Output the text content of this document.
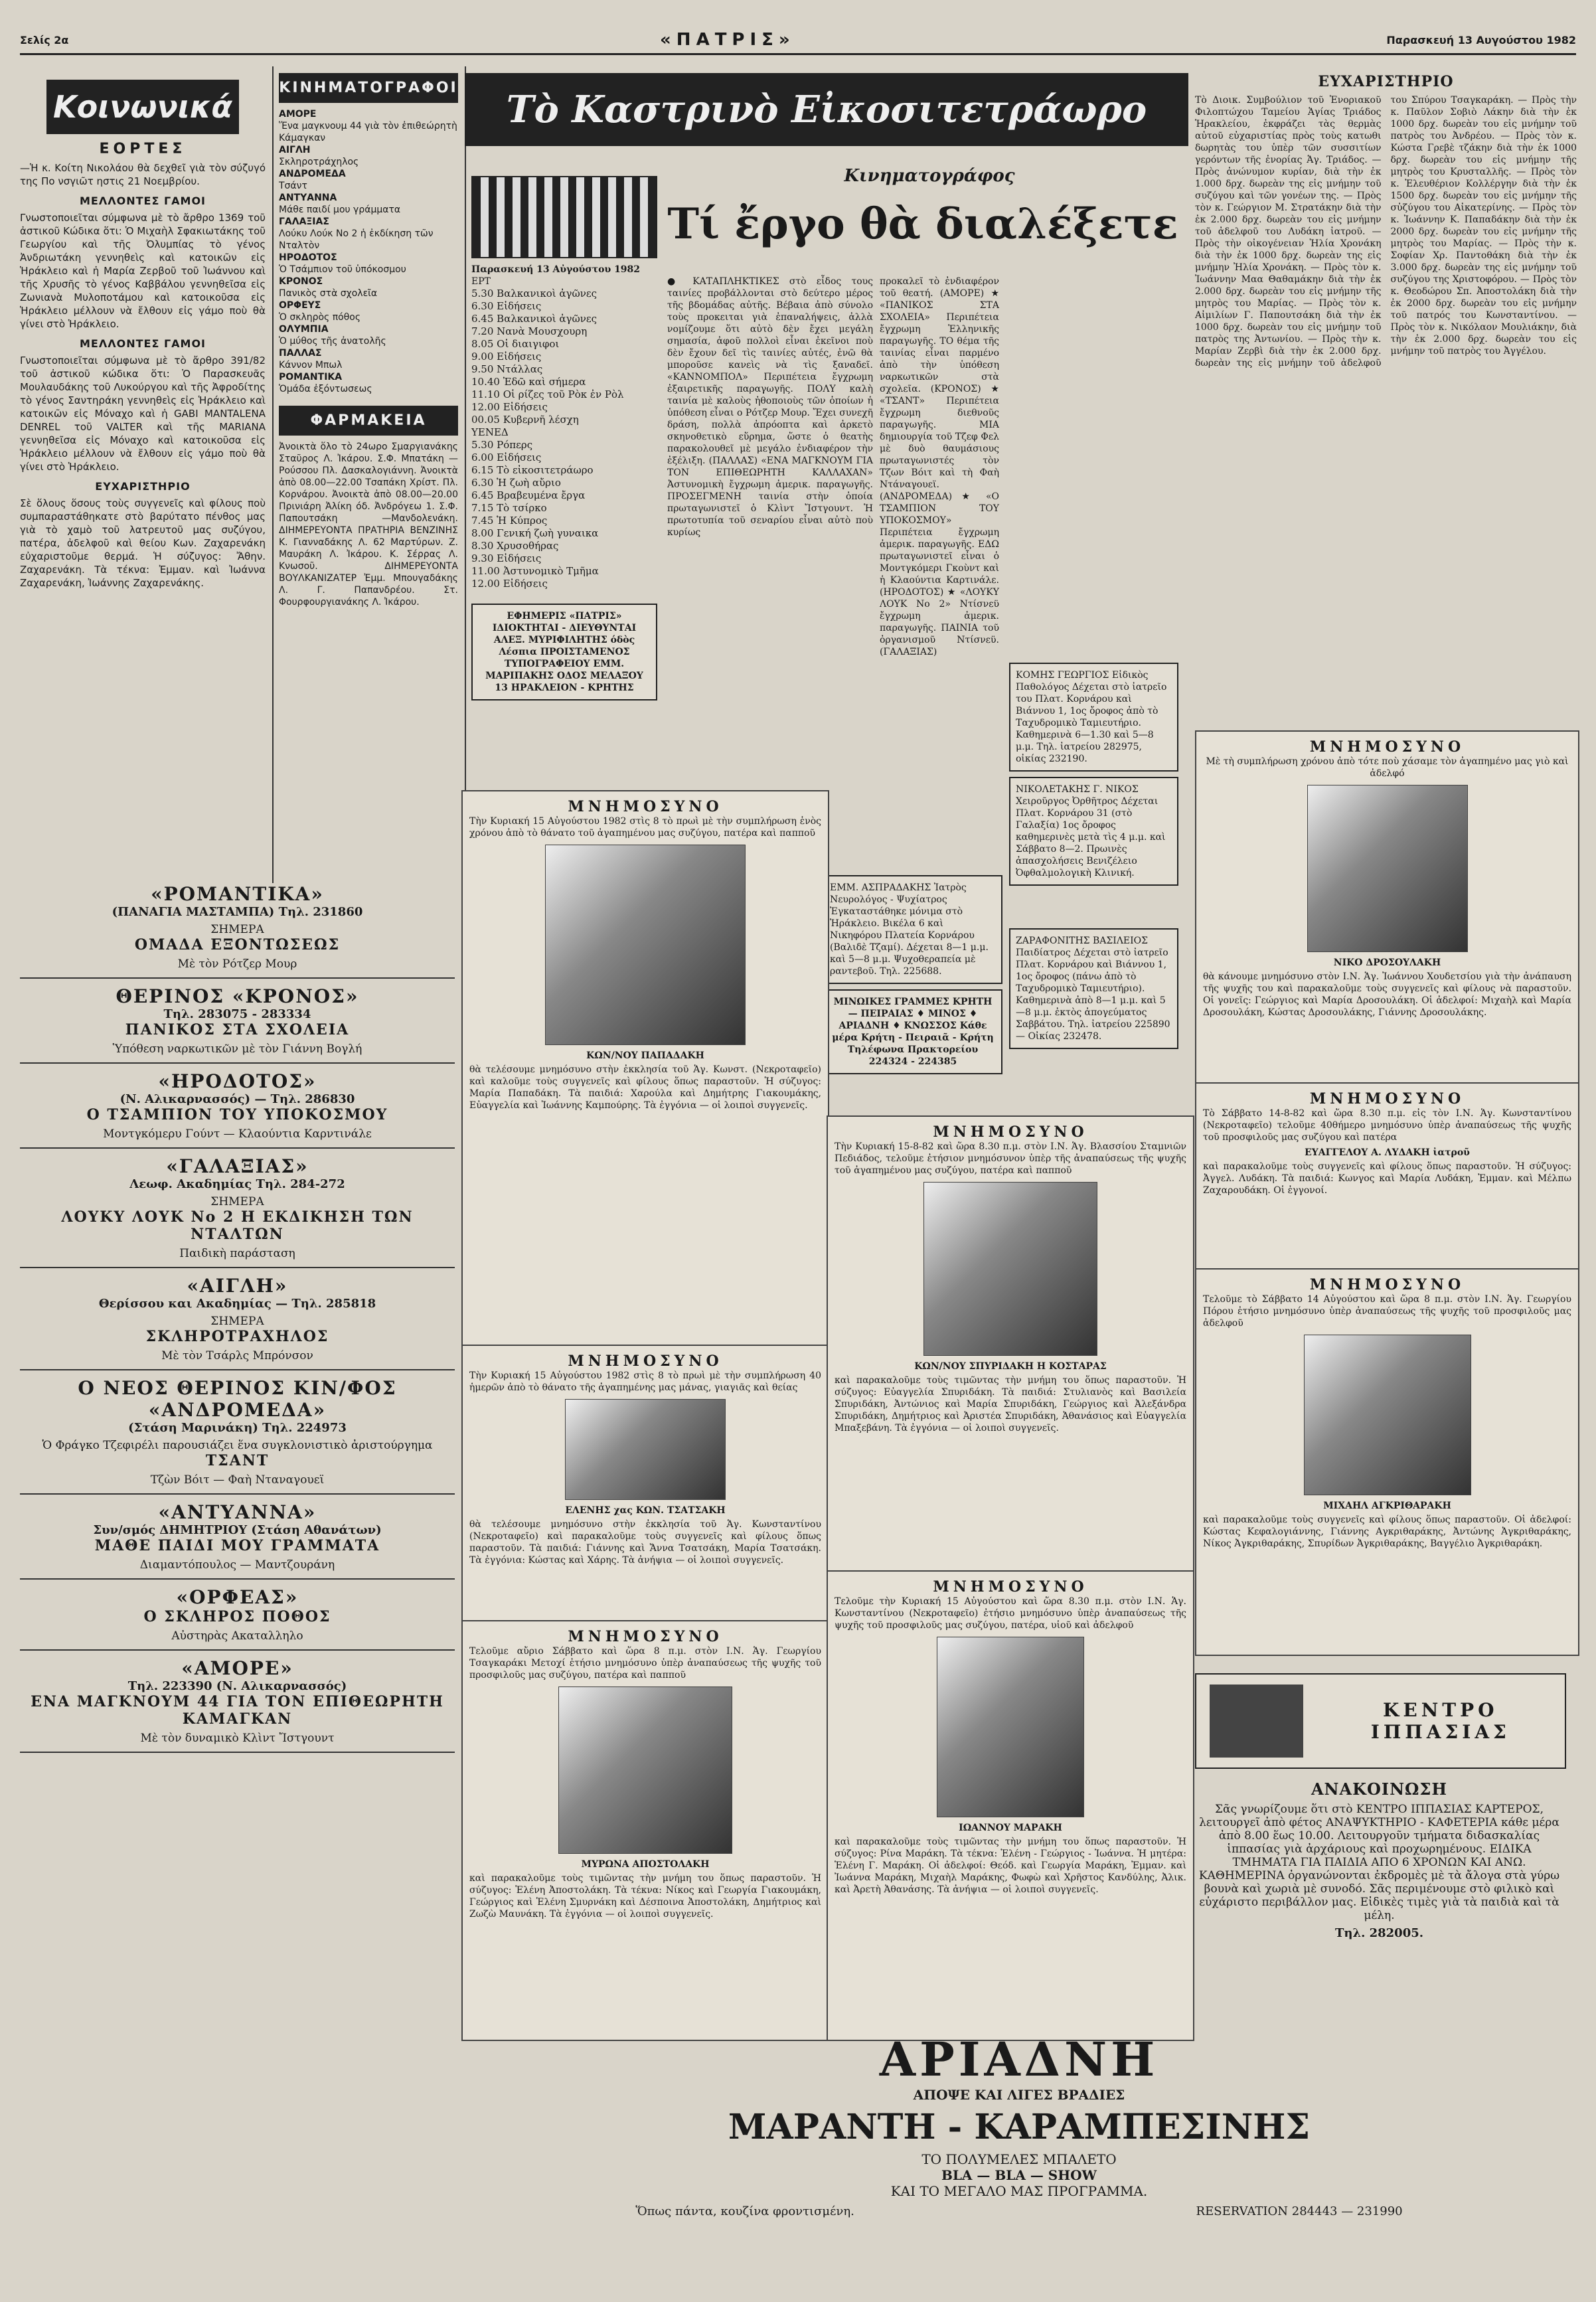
Σελίς 2α	«ΠΑΤΡΙΣ»	Παρασκευή 13 Αυγούστου 1982
Κοινωνικά
ΕΟΡΤΕΣ

—Ἡ κ. Κοίτη Νικολάου θὰ δεχθεῖ γιὰ τὸν σύζυγό της Πο νσγιῶτ ηστις 21 Νοεμβρίου.

ΜΕΛΛΟΝΤΕΣ ΓΑΜΟΙ

Γνωστοποιεῖται σύμφωνα μὲ τὸ ἄρθρο 1369 τοῦ ἀστικοῦ Κώδικα ὅτι: Ὁ Μιχαὴλ Σφακιωτάκης τοῦ Γεωργίου καὶ τῆς Ὀλυμπίας τὸ γένος Ἀνδριωτάκη γεννηθεὶς καὶ κατοικῶν εἰς Ἡράκλειο καὶ ἡ Μαρία Ζερβοῦ τοῦ Ἰωάννου καὶ τῆς Χρυσῆς τὸ γένος Καββάλου γεννηθεῖσα εἰς Ζωνιανὰ Μυλοποτάμου καὶ κατοικοῦσα εἰς Ἡράκλειο μέλλουν νὰ ἔλθουν εἰς γάμο ποὺ θὰ γίνει στὸ Ἡράκλειο.

ΜΕΛΛΟΝΤΕΣ ΓΑΜΟΙ

Γνωστοποιεῖται σύμφωνα μὲ τὸ ἄρθρο 391/82 τοῦ ἀστικοῦ κώδικα ὅτι: Ὁ Παρασκευᾶς Μουλαυδάκης τοῦ Λυκούργου καὶ τῆς Ἀφροδίτης τὸ γένος Σαντηράκη γεννηθεὶς εἰς Ἡράκλειο καὶ κατοικῶν εἰς Μόναχο καὶ ἡ GABI MANTALENA DENREL τοῦ VALTER καὶ τῆς MARIANA γεννηθεῖσα εἰς Μόναχο καὶ κατοικοῦσα εἰς Ἡράκλειο μέλλουν νὰ ἔλθουν εἰς γάμο ποὺ θὰ γίνει στὸ Ἡράκλειο.

ΕΥΧΑΡΙΣΤΗΡΙΟ

Σὲ ὅλους ὅσους τοὺς συγγενεῖς καὶ φίλους ποὺ συμπαραστάθηκατε στὸ βαρύτατο πένθος μας γιὰ τὸ χαμὸ τοῦ λατρευτοῦ μας συζύγου, πατέρα, ἀδελφοῦ καὶ θείου Κων. Ζαχαρενάκη εὐχαριστοῦμε θερμά. Ἡ σύζυγος: Ἄθην. Ζαχαρενάκη. Τὰ τέκνα: Ἐμμαν. καὶ Ἰωάννα Ζαχαρενάκη, Ἰωάννης Ζαχαρενάκης.

ΚΙΝΗΜΑΤΟΓΡΑΦΟΙ
ΑΜΟΡΕ
Ἕνα μαγκνουμ 44 γιὰ τὸν ἐπιθεώρητὴ Κάμαγκαν
ΑΙΓΛΗ
Σκληροτράχηλος
ΑΝΔΡΟΜΕΔΑ
Τσάντ
ΑΝΤΥΑΝΝΑ
Μάθε παιδί μου γράμματα
ΓΑΛΑΞΙΑΣ
Λούκυ Λούκ Νο 2 ἡ ἐκδίκηση τῶν Νταλτὸν
ΗΡΟΔΟΤΟΣ
Ὁ Τσάμπιον τοῦ ὑπόκοσμου
ΚΡΟΝΟΣ
Πανικὸς στὰ σχολεῖα
ΟΡΦΕΥΣ
Ὁ σκληρὸς πόθος
ΟΛΥΜΠΙΑ
Ὁ μύθος τῆς ἀνατολῆς
ΠΑΛΛΑΣ
Κάννον Μπωλ
ΡΟΜΑΝΤΙΚΑ
Ὁμάδα ἐξόντωσεως
ΦΑΡΜΑΚΕΙΑ

Ἀνοικτὰ ὅλο τὸ 24ωρο Σμαργιανάκης Σταῦρος Λ. Ἰκάρου. Σ.Φ. Μπατάκη —Ρούσσου Πλ. Δασκαλογιάννη. Ἀνοικτὰ ἀπὸ 08.00—22.00 Τσαπάκη Χρίστ. Πλ. Κορνάρου. Ἀνοικτὰ ἀπὸ 08.00—20.00 Πρινιάρη Ἀλίκη όδ. Ἀνδρόγεω 1. Σ.Φ. Παπουτσάκη —Μανδολενάκη. ΔΙΗΜΕΡΕΥΟΝΤΑ ΠΡΑΤΗΡΙΑ ΒΕΝΖΙΝΗΣ Κ. Γιανναδάκης Λ. 62 Μαρτύρων. Ζ. Μαυράκη Λ. Ἰκάρου. Κ. Σέρρας Λ. Κνωσοῦ. ΔΙΗΜΕΡΕΥΟΝΤΑ ΒΟΥΛΚΑΝΙΖΑΤΕΡ Ἐμμ. Μπουγαδάκης Λ. Γ. Παπανδρέου. Στ. Φουρφουργιανάκης Λ. Ἰκάρου.

Τὸ Καστρινὸ Εἰκοσιτετράωρο
Κινηματογράφος
Τί ἔργο θὰ διαλέξετε
Παρασκευή 13 Αὐγούστου 1982
ΕΡΤ
5.30 Βαλκανικοὶ ἀγῶνες
6.30 Εἰδήσεις
6.45 Βαλκανικοὶ ἀγῶνες
7.20 Νανὰ Μουσχουρη
8.05 Οἱ διαιγιφοι
9.00 Εἰδήσεις
9.50 Ντάλλας
10.40 Ἐδῶ καὶ σήμερα
11.10 Οἱ ρίζες τοῦ Ρὸκ ἐν Ρὸλ
12.00 Εἰδήσεις
00.05 Κυβερνῆ λέσχη
ΥΕΝΕΔ
5.30 Ρόπερς
6.00 Εἰδήσεις
6.15 Τὸ εἰκοσιτετράωρο
6.30 Ἡ ζωὴ αὔριο
6.45 Βραβευμένα ἔργα
7.15 Τὸ τσίρκο
7.45 Ἡ Κύπρος
8.00 Γενική ζωὴ γυναικα
8.30 Χρυσοθήρας
9.30 Εἰδήσεις
11.00 Ἀστυνομικὸ Τμῆμα
12.00 Εἰδήσεις
ΕΦΗΜΕΡΙΣ «ΠΑΤΡΙΣ» ΙΔΙΟΚΤΗΤΑΙ - ΔΙΕΥΘΥΝΤΑΙ ΑΛΕΞ. ΜΥΡΙΦΙΛΗΤΗΣ όδὸς Λέσπια ΠΡΟΙΣΤΑΜΕΝΟΣ ΤΥΠΟΓΡΑΦΕΙΟΥ ΕΜΜ. ΜΑΡΙΠΑΚΗΣ ΟΔΟΣ ΜΕΛΑΞΟΥ 13 ΗΡΑΚΛΕΙΟΝ - ΚΡΗΤΗΣ

● ΚΑΤΑΠΛΗΚΤΙΚΕΣ στὸ εἶδος τους ταινίες προβάλλονται στὸ δεύτερο μέρος τῆς βδομάδας αὐτῆς. Βέβαια ἀπὸ σύνολο τοὺς προκειται γιὰ ἐπαναλήψεις, ἀλλὰ νομίζουμε ὅτι αὐτὸ δὲν ἔχει μεγάλη σημασία, ἀφοῦ πολλοὶ εἶναι ἐκεῖνοι ποὺ δὲν ἔχουν δεῖ τὶς ταινίες αὐτές, ἐνῶ θὰ μποροῦσε κανεὶς νὰ τὶς ξαναδεῖ. «ΚΑΝΝΟΜΠΟΛ» Περιπέτεια ἔγχρωμη ἐξαιρετικῆς παραγωγῆς. ΠΟΛΥ καλὴ ταινία μὲ καλοὺς ἠθοποιοὺς τῶν ὁποίων ἡ ὑπόθεση εἶναι ο Ρότζερ Μουρ. Ἔχει συνεχῆ δράση, πολλὰ ἀπρόοπτα καὶ ἀρκετὸ σκηνοθετικὸ εὕρημα, ὥστε ὁ θεατὴς παρακολουθεῖ μὲ μεγάλο ἐνδιαφέρον τὴν ἐξέλιξη. (ΠΑΛΛΑΣ) «ΕΝΑ ΜΑΓΚΝΟΥΜ ΓΙΑ ΤΟΝ ΕΠΙΘΕΩΡΗΤΗ ΚΑΛΛΑΧΑΝ» Ἀστυνομικὴ ἔγχρωμη ἀμερικ. παραγωγῆς. ΠΡΟΣΕΓΜΕΝΗ ταινία στὴν ὁποία πρωταγωνιστεῖ ὁ Κλὶντ Ἴστγουντ. Ἡ πρωτοτυπία τοῦ σεναρίου εἶναι αὐτὸ ποὺ κυρίως

προκαλεῖ τὸ ἐνδιαφέρον τοῦ θεατή. (ΑΜΟΡΕ) ★ «ΠΑΝΙΚΟΣ ΣΤΑ ΣΧΟΛΕΙΑ» Περιπέτεια ἔγχρωμη Ἑλληνικῆς παραγωγῆς. ΤΟ θέμα τῆς ταινίας εἶναι παρμένο ἀπὸ τὴν ὑπόθεση ναρκωτικῶν στὰ σχολεῖα. (ΚΡΟΝΟΣ) ★ «ΤΣΑΝΤ» Περιπέτεια ἔγχρωμη διεθνοῦς παραγωγῆς. ΜΙΑ δημιουργία τοῦ Τζεφ Φελ μὲ δυὸ θαυμάσιους πρωταγωνιστές τὸν Τζων Βόιτ καὶ τὴ Φαὴ Ντάναγουεϊ. (ΑΝΔΡΟΜΕΔΑ) ★ «Ο ΤΣΑΜΠΙΟΝ ΤΟΥ ΥΠΟΚΟΣΜΟΥ» Περιπέτεια ἔγχρωμη ἀμερικ. παραγωγῆς. ΕΔΩ πρωταγωνιστεῖ εἶναι ὁ Μοντγκόμερι Γκοὺντ καὶ ἡ Κλαούντια Καρτινάλε. (ΗΡΟΔΟΤΟΣ) ★ «ΛΟΥΚΥ ΛΟΥΚ Νο 2» Ντίσνεϋ ἔγχρωμη ἀμερικ. παραγωγῆς. ΠΑΙΝΙΑ τοῦ ὀργανισμοῦ Ντίσνεϋ. (ΓΑΛΑΞΙΑΣ)

ΚΟΜΗΣ ΓΕΩΡΓΙΟΣ Εἰδικὸς Παθολόγος Δέχεται στὸ ἰατρεῖο του Πλατ. Κορνάρου καὶ Βιάννου 1, 1ος ὄροφος ἀπὸ τὸ Ταχυδρομικὸ Ταμιευτήριο. Καθημερινὰ 6—1.30 καὶ 5—8 μ.μ. Τηλ. ἰατρείου 282975, οἰκίας 232190.
ΝΙΚΟΛΕΤΑΚΗΣ Γ. ΝΙΚΟΣ Χειροῦργος Ὀρθῆτρος Δέχεται Πλατ. Κορνάρου 31 (στὸ Γαλαξία) 1ος ὄροφος καθημερινὲς μετὰ τὶς 4 μ.μ. καὶ Σάββατο 8—2. Πρωινὲς ἀπασχολήσεις Βενιζέλειο Ὀφθαλμολογικὴ Κλινική.
ΕΜΜ. ΑΣΠΡΑΔΑΚΗΣ Ἰατρὸς Νευρολόγος - Ψυχίατρος Ἐγκαταστάθηκε μόνιμα στὸ Ἡράκλειο. Βικέλα 6 καὶ Νικηφόρου Πλατεία Κορνάρου (Βαλιδὲ Τζαμί). Δέχεται 8—1 μ.μ. καὶ 5—8 μ.μ. Ψυχοθεραπεία μὲ ραντεβοῦ. Τηλ. 225688.
ΜΙΝΩΙΚΕΣ ΓΡΑΜΜΕΣ ΚΡΗΤΗ — ΠΕΙΡΑΙΑΣ ♦ ΜΙΝΟΣ ♦ ΑΡΙΑΔΝΗ ♦ ΚΝΩΣΣΟΣ Κάθε μέρα Κρήτη - Πειραιᾶ - Κρήτη Τηλέφωνα Πρακτορείου 224324 - 224385
ΖΑΡΑΦΟΝΙΤΗΣ ΒΑΣΙΛΕΙΟΣ Παιδίατρος Δέχεται στὸ ἰατρεῖο Πλατ. Κορνάρου καὶ Βιάννου 1, 1ος ὄροφος (πάνω ἀπὸ τὸ Ταχυδρομικὸ Ταμιευτήριο). Καθημερινὰ ἀπὸ 8—1 μ.μ. καὶ 5—8 μ.μ. ἐκτὸς ἀπογεύματος Σαββάτου. Τηλ. ἰατρείου 225890 — Οἰκίας 232478.
«ΡΟΜΑΝΤΙΚΑ»
(ΠΑΝΑΓΙΑ ΜΑΣΤΑΜΠΑ) Τηλ. 231860
ΣΗΜΕΡΑ
ΟΜΑΔΑ ΕΞΟΝΤΩΣΕΩΣ
Μὲ τὸν Ρότζερ Μουρ
ΘΕΡΙΝΟΣ «ΚΡΟΝΟΣ»
Τηλ. 283075 - 283334
ΠΑΝΙΚΟΣ ΣΤΑ ΣΧΟΛΕΙΑ
Ὑπόθεση ναρκωτικῶν μὲ τὸν Γιάννη Βογλή
«ΗΡΟΔΟΤΟΣ»
(Ν. Αλικαρνασσός) — Τηλ. 286830
Ο ΤΣΑΜΠΙΟΝ ΤΟΥ ΥΠΟΚΟΣΜΟΥ
Μοντγκόμερυ Γούντ — Κλαούντια Καρντινάλε
«ΓΑΛΑΞΙΑΣ»
Λεωφ. Ακαδημίας Τηλ. 284-272
ΣΗΜΕΡΑ
ΛΟΥΚΥ ΛΟΥΚ Νο 2 Η ΕΚΔΙΚΗΣΗ ΤΩΝ ΝΤΑΛΤΩΝ
Παιδικὴ παράσταση
«ΑΙΓΛΗ»
Θερίσσου και Ακαδημίας — Τηλ. 285818
ΣΗΜΕΡΑ
ΣΚΛΗΡΟΤΡΑΧΗΛΟΣ
Μὲ τὸν Τσάρλς Μπρόνσον
Ο ΝΕΟΣ ΘΕΡΙΝΟΣ ΚΙΝ/ΦΟΣ «ΑΝΔΡΟΜΕΔΑ»
(Στάση Μαρινάκη) Τηλ. 224973
Ὁ Φράγκο Τζεφιρέλι παρουσιάζει ἕνα συγκλονιστικὸ ἀριστούργημα
ΤΣΑΝΤ
Τζὼν Βόιτ — Φαὴ Νταναγουεϊ
«ΑΝΤΥΑΝΝΑ»
Συν/σμός ΔΗΜΗΤΡΙΟΥ (Στάση Αθανάτων)
ΜΑΘΕ ΠΑΙΔΙ ΜΟΥ ΓΡΑΜΜΑΤΑ
Διαμαντόπουλος — Μαντζουράνη
«ΟΡΦΕΑΣ»
Ο ΣΚΛΗΡΟΣ ΠΟΘΟΣ
Αὐστηρὰς Ακαταλληλο
«ΑΜΟΡΕ»
Τηλ. 223390 (Ν. Αλικαρνασσός)
ΕΝΑ ΜΑΓΚΝΟΥΜ 44 ΓΙΑ ΤΟΝ ΕΠΙΘΕΩΡΗΤΗ ΚΑΜΑΓΚΑΝ
Μὲ τὸν δυναμικὸ Κλὶντ Ἴστγουντ
ΜΝΗΜΟΣΥΝΟ

Τὴν Κυριακή 15 Αὐγούστου 1982 στὶς 8 τὸ πρωὶ μὲ τὴν συμπλήρωση ἑνὸς χρόνου ἀπὸ τὸ θάνατο τοῦ ἀγαπημένου μας συζύγου, πατέρα καὶ παπποῦ

ΚΩΝ/ΝΟΥ ΠΑΠΑΔΑΚΗ

θὰ τελέσουμε μνημόσυνο στὴν ἐκκλησία τοῦ Ἁγ. Κωνστ. (Νεκροταφεῖο) καὶ καλοῦμε τοὺς συγγενεῖς καὶ φίλους ὅπως παραστοῦν. Ἡ σύζυγος: Μαρία Παπαδάκη. Τὰ παιδιά: Χαρούλα καὶ Δημήτρης Γιακουμάκης, Εὐαγγελία καὶ Ἰωάννης Καμπούρης. Τὰ ἐγγόνια — οἱ λοιποὶ συγγενεῖς.

ΜΝΗΜΟΣΥΝΟ

Τὴν Κυριακή 15 Αὐγούστου 1982 στὶς 8 τὸ πρωὶ μὲ τὴν συμπλήρωση 40 ἡμερῶν ἀπὸ τὸ θάνατο τῆς ἀγαπημένης μας μάνας, γιαγιᾶς καὶ θείας

ΕΛΕΝΗΣ χας ΚΩΝ. ΤΣΑΤΣΑΚΗ

θὰ τελέσουμε μνημόσυνο στὴν ἐκκλησία τοῦ Ἁγ. Κωνσταντίνου (Νεκροταφεῖο) καὶ παρακαλοῦμε τοὺς συγγενεῖς καὶ φίλους ὅπως παραστοῦν. Τὰ παιδιά: Γιάννης καὶ Ἄννα Τσατσάκη, Μαρία Τσατσάκη. Τὰ ἐγγόνια: Κώστας καὶ Χάρης. Τὰ ἀνήψια — οἱ λοιποὶ συγγενεῖς.

ΜΝΗΜΟΣΥΝΟ

Τελοῦμε αὔριο Σάββατο καὶ ὥρα 8 π.μ. στὸν Ι.Ν. Ἁγ. Γεωργίου Τσαγκαράκι Μετοχί ἐτήσιο μνημόσυνο ὑπὲρ ἀναπαύσεως τῆς ψυχῆς τοῦ προσφιλοῦς μας συζύγου, πατέρα καὶ παπποῦ

ΜΥΡΩΝΑ ΑΠΟΣΤΟΛΑΚΗ

καὶ παρακαλοῦμε τοὺς τιμῶντας τὴν μνήμη του ὅπως παραστοῦν. Ἡ σύζυγος: Ἑλένη Ἀποστολάκη. Τὰ τέκνα: Νίκος καὶ Γεωργία Γιακουμάκη, Γεώργιος καὶ Ἑλένη Σμυρνάκη καὶ Δέσποινα Ἀποστολάκη, Δημήτριος καὶ Ζωζὼ Μαυνάκη. Τὰ ἐγγόνια — οἱ λοιποὶ συγγενεῖς.

ΜΝΗΜΟΣΥΝΟ

Τὴν Κυριακή 15-8-82 καὶ ὥρα 8.30 π.μ. στὸν Ι.Ν. Ἁγ. Βλασσίου Σταμνιῶν Πεδιάδος, τελοῦμε ἐτήσιον μνημόσυνον ὑπὲρ τῆς ἀναπαύσεως τῆς ψυχῆς τοῦ ἀγαπημένου μας συζύγου, πατέρα καὶ παπποῦ

ΚΩΝ/ΝΟΥ ΣΠΥΡΙΔΑΚΗ Η ΚΟΣΤΑΡΑΣ

καὶ παρακαλοῦμε τοὺς τιμῶντας τὴν μνήμη του ὅπως παραστοῦν. Ἡ σύζυγος: Εὐαγγελία Σπυριδάκη. Τὰ παιδιά: Στυλιανὸς καὶ Βασιλεία Σπυριδάκη, Ἀντώνιος καὶ Μαρία Σπυριδάκη, Γεώργιος καὶ Ἀλεξάνδρα Σπυριδάκη, Δημήτριος καὶ Ἀριστέα Σπυριδάκη, Ἀθανάσιος καὶ Εὐαγγελία Μπαξεβάνη. Τὰ ἐγγόνια — οἱ λοιποὶ συγγενεῖς.

ΜΝΗΜΟΣΥΝΟ

Τελοῦμε τὴν Κυριακή 15 Αὐγούστου καὶ ὥρα 8.30 π.μ. στὸν Ι.Ν. Ἁγ. Κωνσταντίνου (Νεκροταφεῖο) ἐτήσιο μνημόσυνο ὑπὲρ ἀναπαύσεως τῆς ψυχῆς τοῦ προσφιλοῦς μας συζύγου, πατέρα, υἱοῦ καὶ ἀδελφοῦ

ΙΩΑΝΝΟΥ ΜΑΡΑΚΗ

καὶ παρακαλοῦμε τοὺς τιμῶντας τὴν μνήμη του ὅπως παραστοῦν. Ἡ σύζυγος: Ρίνα Μαράκη. Τὰ τέκνα: Ἑλένη - Γεώργιος - Ἰωάννα. Ἡ μητέρα: Ἑλένη Γ. Μαράκη. Οἱ ἀδελφοί: Θεόδ. καὶ Γεωργία Μαράκη, Ἐμμαν. καὶ Ἰωάννα Μαράκη, Μιχαὴλ Μαράκης, Φωφὼ καὶ Χρῆστος Κανδύλης, Ἀλικ. καὶ Ἀρετὴ Ἀθανάσης. Τὰ ἀνήψια — οἱ λοιποὶ συγγενεῖς.

ΕΥΧΑΡΙΣΤΗΡΙΟ

Τὸ Διοικ. Συμβούλιον τοῦ Ἐνοριακοῦ Φιλοπτώχου Ταμείου Ἁγίας Τριάδος Ἡρακλείου, ἐκφράζει τὰς θερμὰς αὐτοῦ εὐχαριστίας πρὸς τοὺς κατωθι δωρητὰς του ὑπὲρ τῶν συσσιτίων γερόντων τῆς ἐνορίας Ἁγ. Τριάδος. — Πρὸς ἀνώνυμον κυρίαν, διὰ τὴν ἐκ 1.000 δρχ. δωρεὰν της εἰς μνήμην τοῦ συζύγου καὶ τῶν γονέων της. — Πρὸς τὸν κ. Γεώργιον Μ. Στρατάκην διὰ τὴν ἐκ 2.000 δρχ. δωρεὰν του εἰς μνήμην τοῦ ἀδελφοῦ του Λυδάκη ἰατροῦ. — Πρὸς τὴν οἰκογένειαν Ἠλία Χρονάκη διὰ τὴν ἐκ 1000 δρχ. δωρεὰν της εἰς μνήμην Ἠλία Χρονάκη. — Πρὸς τὸν κ. Ἰωάννην Μαα Θαθαμάκην διὰ τὴν ἐκ 2.000 δρχ. δωρεὰν του εἰς μνήμην τῆς μητρὸς του Μαρίας. — Πρὸς τὸν κ. Αἰμιλίων Γ. Παπουτσάκη διὰ τὴν ἐκ 1000 δρχ. δωρεὰν του εἰς μνήμην τοῦ πατρὸς της Ἀντωνίου. — Πρὸς τὴν κ. Μαρίαν Ζερβὶ διὰ τὴν ἐκ 2.000 δρχ. δωρεὰν της εἰς μνήμην τοῦ ἀδελφοῦ του Σπύρου Τσαγκαράκη. — Πρὸς τὴν κ. Παῦλον Σοβιὸ Λάκην διὰ τὴν ἐκ 1000 δρχ. δωρεὰν του εἰς μνήμην τοῦ πατρὸς του Ἀνδρέου. — Πρὸς τὸν κ. Κώστα Γρεβὲ τζάκην διὰ τὴν ἐκ 1000 δρχ. δωρεὰν του εἰς μνήμην τῆς μητρὸς του Κρυσταλλῆς. — Πρὸς τὸν κ. Ἐλευθέριον Κολλέργην διὰ τὴν ἐκ 1500 δρχ. δωρεὰν του εἰς μνήμην τῆς σὐζύγου του Αἰκατερίνης. — Πρὸς τὸν κ. Ἰωάννην Κ. Παπαδάκην διὰ τὴν ἐκ 2000 δρχ. δωρεὰν του εἰς μνήμην τῆς μητρὸς του Μαρίας. — Πρὸς τὴν κ. Σοφίαν Χρ. Παντοθάκη διὰ τὴν ἐκ 3.000 δρχ. δωρεὰν της εἰς μνήμην τοῦ συζύγου της Χριστοφόρου. — Πρὸς τὸν κ. Θεοδώρου Σπ. Ἀποστολάκη διὰ τὴν ἐκ 2000 δρχ. δωρεὰν του εἰς μνήμην τοῦ πατρός του Κωνσταντίνου. — Πρὸς τὸν κ. Νικόλαον Μουλιάκην, διὰ τὴν ἐκ 2.000 δρχ. δωρεὰν του εἰς μνήμην τοῦ πατρὸς του Ἀγγέλου.

ΜΝΗΜΟΣΥΝΟ

Μὲ τὴ συμπλήρωση χρόνου ἀπὸ τότε ποὺ χάσαμε τὸν ἀγαπημένο μας γιὸ καὶ ἀδελφό

ΝΙΚΟ ΔΡΟΣΟΥΛΑΚΗ

θὰ κάνουμε μνημόσυνο στὸν Ι.Ν. Ἁγ. Ἰωάννου Χουδετσίου γιὰ τὴν ἀνάπαυση τῆς ψυχῆς του καὶ παρακαλοῦμε τοὺς συγγενεῖς καὶ φίλους νὰ παραστοῦν. Οἱ γονεῖς: Γεώργιος καὶ Μαρία Δροσουλάκη. Οἱ ἀδελφοί: Μιχαὴλ καὶ Μαρία Δροσουλάκη, Κώστας Δροσουλάκης, Γιάννης Δροσουλάκης.

ΜΝΗΜΟΣΥΝΟ

Τὸ Σάββατο 14-8-82 καὶ ὥρα 8.30 π.μ. εἰς τὸν Ι.Ν. Ἁγ. Κωνσταντίνου (Νεκροταφεῖο) τελοῦμε 40θήμερο μνημόσυνο ὑπὲρ ἀναπαύσεως τῆς ψυχῆς τοῦ προσφιλοῦς μας συζύγου καὶ πατέρα

ΕΥΑΓΓΕΛΟΥ Α. ΛΥΔΑΚΗ ἰατροῦ

καὶ παρακαλοῦμε τοὺς συγγενεῖς καὶ φίλους ὅπως παραστοῦν. Ἡ σύζυγος: Ἀγγελ. Λυδάκη. Τὰ παιδιά: Κωνγος καὶ Μαρία Λυδάκη, Ἐμμαν. καὶ Μέλπω Ζαχαρουδάκη. Οἱ ἐγγονοί.

ΜΝΗΜΟΣΥΝΟ

Τελοῦμε τὸ Σάββατο 14 Αὐγούστου καὶ ὥρα 8 π.μ. στὸν Ι.Ν. Ἁγ. Γεωργίου Πόρου ἐτήσιο μνημόσυνο ὑπὲρ ἀναπαύσεως τῆς ψυχῆς τοῦ προσφιλοῦς μας ἀδελφοῦ

ΜΙΧΑΗΛ ΑΓΚΡΙΘΑΡΑΚΗ

καὶ παρακαλοῦμε τοὺς συγγενεῖς καὶ φίλους ὅπως παραστοῦν. Οἱ ἀδελφοί: Κώστας Κεφαλογιάννης, Γιάννης Αγκριθαράκης, Ἀντώνης Ἀγκριθαράκης, Νίκος Ἀγκριθαράκης, Σπυρίδων Ἀγκριθαράκης, Βαγγέλιο Ἀγκριθαράκη.

ΚΕΝΤΡΟ ΙΠΠΑΣΙΑΣ
ΑΝΑΚΟΙΝΩΣΗ

Σᾶς γνωρίζουμε ὅτι στὸ ΚΕΝΤΡΟ ΙΠΠΑΣΙΑΣ ΚΑΡΤΕΡΟΣ, λειτουργεῖ ἀπὸ φέτος ΑΝΑΨΥΚΤΗΡΙΟ - ΚΑΦΕΤΕΡΙΑ κάθε μέρα ἀπὸ 8.00 ἕως 10.00. Λειτουργοῦν τμήματα διδασκαλίας ἱππασίας γιὰ ἀρχάριους καὶ προχωρημένους. ΕΙΔΙΚΑ ΤΜΗΜΑΤΑ ΓΙΑ ΠΑΙΔΙΑ ΑΠΟ 6 ΧΡΟΝΩΝ ΚΑΙ ΑΝΩ. ΚΑΘΗΜΕΡΙΝΑ ὀργανώνονται ἐκδρομὲς μὲ τὰ ἄλογα στὰ γύρω βουνὰ καὶ χωριὰ μὲ συνοδό. Σᾶς περιμένουμε στὸ φιλικὸ καὶ εὐχάριστο περιβάλλον μας. Εἰδικὲς τιμὲς γιὰ τὰ παιδιὰ καὶ τὰ μέλη.

Τηλ. 282005.
ΑΡΙΑΔΝΗ
ΑΠΟΨΕ ΚΑΙ ΛΙΓΕΣ ΒΡΑΔΙΕΣ
ΜΑΡΑΝΤΗ - ΚΑΡΑΜΠΕΣΙΝΗΣ
ΤΟ ΠΟΛΥΜΕΛΕΣ ΜΠΑΛΕΤΟ
BLA — BLA — SHOW
ΚΑΙ ΤΟ ΜΕΓΑΛΟ ΜΑΣ ΠΡΟΓΡΑΜΜΑ.
Ὅπως πάντα, κουζίνα φροντισμένη.	RESERVATION 284443 — 231990
